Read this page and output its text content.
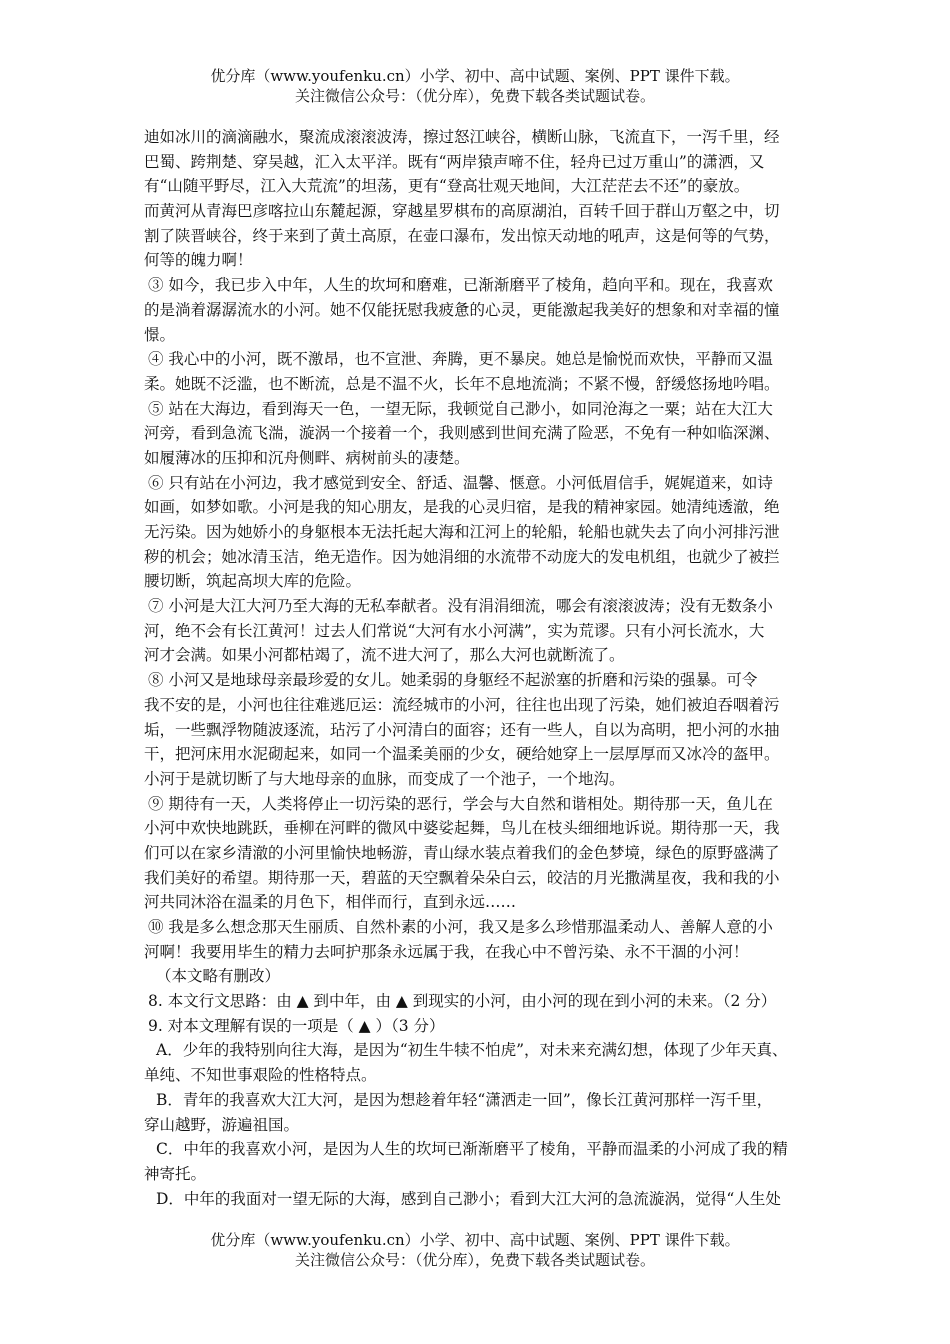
优分库（www.youfenku.cn）小学、初中、高中试题、案例、PPT 课件下载。
关注微信公众号：（优分库），免费下载各类试题试卷。
迪如冰川的滴滴融水，聚流成滚滚波涛，擦过怒江峡谷，横断山脉，飞流直下，一泻千里，经
巴蜀、跨荆楚、穿吴越，汇入太平洋。既有“两岸猿声啼不住，轻舟已过万重山”的潇洒，又
有“山随平野尽，江入大荒流”的坦荡，更有“登高壮观天地间，大江茫茫去不还”的豪放。
而黄河从青海巴彦喀拉山东麓起源，穿越星罗棋布的高原湖泊，百转千回于群山万壑之中，切
割了陕晋峡谷，终于来到了黄土高原，在壶口瀑布，发出惊天动地的吼声，这是何等的气势，
何等的魄力啊！
③ 如今，我已步入中年，人生的坎坷和磨难，已渐渐磨平了棱角，趋向平和。现在，我喜欢
的是淌着潺潺流水的小河。她不仅能抚慰我疲惫的心灵，更能激起我美好的想象和对幸福的憧
憬。
④ 我心中的小河，既不激昂，也不宣泄、奔腾，更不暴戾。她总是愉悦而欢快，平静而又温
柔。她既不泛滥，也不断流，总是不温不火，长年不息地流淌；不紧不慢，舒缓悠扬地吟唱。
⑤ 站在大海边，看到海天一色，一望无际，我顿觉自己渺小，如同沧海之一粟；站在大江大
河旁，看到急流飞湍，漩涡一个接着一个，我则感到世间充满了险恶，不免有一种如临深渊、
如履薄冰的压抑和沉舟侧畔、病树前头的凄楚。
⑥ 只有站在小河边，我才感觉到安全、舒适、温馨、惬意。小河低眉信手，娓娓道来，如诗
如画，如梦如歌。小河是我的知心朋友，是我的心灵归宿，是我的精神家园。她清纯透澈，绝
无污染。因为她娇小的身躯根本无法托起大海和江河上的轮船，轮船也就失去了向小河排污泄
秽的机会；她冰清玉洁，绝无造作。因为她涓细的水流带不动庞大的发电机组，也就少了被拦
腰切断，筑起高坝大库的危险。
⑦ 小河是大江大河乃至大海的无私奉献者。没有涓涓细流，哪会有滚滚波涛；没有无数条小
河，绝不会有长江黄河！过去人们常说“大河有水小河满”，实为荒谬。只有小河长流水，大
河才会满。如果小河都枯竭了，流不进大河了，那么大河也就断流了。
⑧ 小河又是地球母亲最珍爱的女儿。她柔弱的身躯经不起淤塞的折磨和污染的强暴。可令
我不安的是，小河也往往难逃厄运：流经城市的小河，往往也出现了污染，她们被迫吞咽着污
垢，一些飘浮物随波逐流，玷污了小河清白的面容；还有一些人，自以为高明，把小河的水抽
干，把河床用水泥砌起来，如同一个温柔美丽的少女，硬给她穿上一层厚厚而又冰冷的盔甲。
小河于是就切断了与大地母亲的血脉，而变成了一个池子，一个地沟。
⑨ 期待有一天，人类将停止一切污染的恶行，学会与大自然和谐相处。期待那一天，鱼儿在
小河中欢快地跳跃，垂柳在河畔的微风中婆娑起舞，鸟儿在枝头细细地诉说。期待那一天，我
们可以在家乡清澈的小河里愉快地畅游，青山绿水装点着我们的金色梦境，绿色的原野盛满了
我们美好的希望。期待那一天，碧蓝的天空飘着朵朵白云，皎洁的月光撒满星夜，我和我的小
河共同沐浴在温柔的月色下，相伴而行，直到永远……
⑩ 我是多么想念那天生丽质、自然朴素的小河，我又是多么珍惜那温柔动人、善解人意的小
河啊！我要用毕生的精力去呵护那条永远属于我，在我心中不曾污染、永不干涸的小河！
（本文略有删改）
8. 本文行文思路：由 ▲ 到中年，由 ▲ 到现实的小河，由小河的现在到小河的未来。（2 分）
9. 对本文理解有误的一项是（ ▲ ）（3 分）
A．少年的我特别向往大海，是因为“初生牛犊不怕虎”，对未来充满幻想，体现了少年天真、
单纯、不知世事艰险的性格特点。
B．青年的我喜欢大江大河，是因为想趁着年轻“潇洒走一回”，像长江黄河那样一泻千里，
穿山越野，游遍祖国。
C．中年的我喜欢小河，是因为人生的坎坷已渐渐磨平了棱角，平静而温柔的小河成了我的精
神寄托。
D．中年的我面对一望无际的大海，感到自己渺小；看到大江大河的急流漩涡，觉得“人生处
优分库（www.youfenku.cn）小学、初中、高中试题、案例、PPT 课件下载。
关注微信公众号：（优分库），免费下载各类试题试卷。
